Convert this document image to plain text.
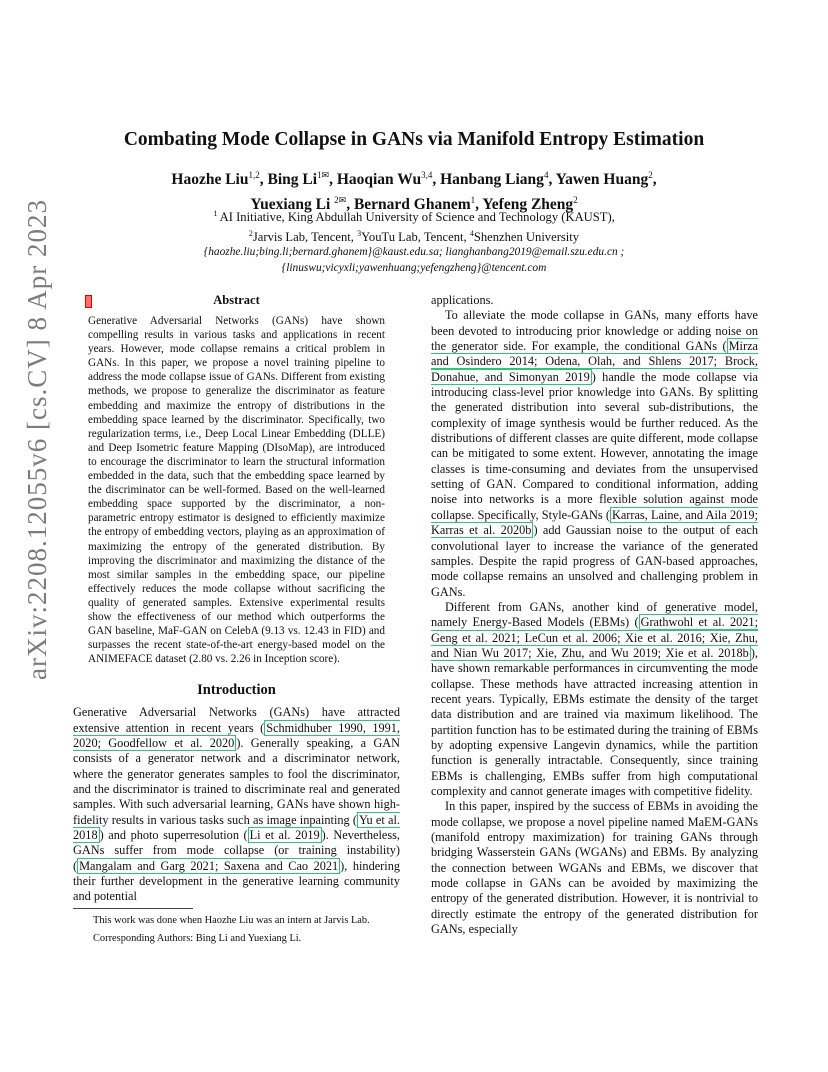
arXiv:2208.12055v6 [cs.CV] 8 Apr 2023
Combating Mode Collapse in GANs via Manifold Entropy Estimation
Haozhe Liu$^{1,2}$, Bing $Li^{1✉}$, Haoqian Wu$^{3,4}$, Hanbang Liang$^4$, Yawen Huang$^2$,
Yuexiang Li $^{2✉}$, Bernard Ghanem$^1$, Yefeng Zheng$^2$
$^1$ AI Initiative, King Abdullah University of Science and Technology (KAUST),
$^2$Jarvis Lab, Tencent, $^3$YouTu Lab, Tencent, $^4$Shenzhen University
{haozhe.liu;bing.li;bernard.ghanem}@kaust.edu.sa; lianghanbang2019@email.szu.edu.cn ;
{linuswu;vicyxli;yawenhuang;yefengzheng}@tencent.com
Abstract
Generative Adversarial Networks (GANs) have shown compelling results in various tasks and applications in recent years. However, mode collapse remains a critical problem in GANs. In this paper, we propose a novel training pipeline to address the mode collapse issue of GANs. Different from existing methods, we propose to generalize the discriminator as feature embedding and maximize the entropy of distributions in the embedding space learned by the discriminator. Specifically, two regularization terms, i.e., Deep Local Linear Embedding (DLLE) and Deep Isometric feature Mapping (DIsoMap), are introduced to encourage the discriminator to learn the structural information embedded in the data, such that the embedding space learned by the discriminator can be well-formed. Based on the well-learned embedding space supported by the discriminator, a non-parametric entropy estimator is designed to efficiently maximize the entropy of embedding vectors, playing as an approximation of maximizing the entropy of the generated distribution. By improving the discriminator and maximizing the distance of the most similar samples in the embedding space, our pipeline effectively reduces the mode collapse without sacrificing the quality of generated samples. Extensive experimental results show the effectiveness of our method which outperforms the GAN baseline, MaF-GAN on CelebA (9.13 vs. 12.43 in FID) and surpasses the recent state-of-the-art energy-based model on the ANIMEFACE dataset (2.80 vs. 2.26 in Inception score).
Introduction

Generative Adversarial Networks (GANs) have attracted extensive attention in recent years ( Schmidhuber 1990, 1991, 2020; Goodfellow et al. 2020 ). Generally speaking, a GAN consists of a generator network and a discriminator network, where the generator generates samples to fool the discriminator, and the discriminator is trained to discriminate real and generated samples. With such adversarial learning, GANs have shown high-fidelity results in various tasks such as image inpainting ( Yu et al. 2018 ) and photo superresolution ( Li et al. 2019 ). Nevertheless, GANs suffer from mode collapse (or training instability) ( Mangalam and Garg 2021; Saxena and Cao 2021 ), hindering their further development in the generative learning community and potential

This work was done when Haozhe Liu was an intern at Jarvis Lab.

Corresponding Authors: Bing Li and Yuexiang Li.

applications.

To alleviate the mode collapse in GANs, many efforts have been devoted to introducing prior knowledge or adding noise on the generator side. For example, the conditional GANs ( Mirza and Osindero 2014; Odena, Olah, and Shlens 2017; Brock, Donahue, and Simonyan 2019 ) handle the mode collapse via introducing class-level prior knowledge into GANs. By splitting the generated distribution into several sub-distributions, the complexity of image synthesis would be further reduced. As the distributions of different classes are quite different, mode collapse can be mitigated to some extent. However, annotating the image classes is time-consuming and deviates from the unsupervised setting of GAN. Compared to conditional information, adding noise into networks is a more flexible solution against mode collapse. Specifically, Style-GANs ( Karras, Laine, and Aila 2019; Karras et al. 2020b ) add Gaussian noise to the output of each convolutional layer to increase the variance of the generated samples. Despite the rapid progress of GAN-based approaches, mode collapse remains an unsolved and challenging problem in GANs.

Different from GANs, another kind of generative model, namely Energy-Based Models (EBMs) ( Grathwohl et al. 2021; Geng et al. 2021; LeCun et al. 2006; Xie et al. 2016; Xie, Zhu, and Nian Wu 2017; Xie, Zhu, and Wu 2019; Xie et al. 2018b ), have shown remarkable performances in circumventing the mode collapse. These methods have attracted increasing attention in recent years. Typically, EBMs estimate the density of the target data distribution and are trained via maximum likelihood. The partition function has to be estimated during the training of EBMs by adopting expensive Langevin dynamics, while the partition function is generally intractable. Consequently, since training EBMs is challenging, EMBs suffer from high computational complexity and cannot generate images with competitive fidelity.

In this paper, inspired by the success of EBMs in avoiding the mode collapse, we propose a novel pipeline named MaEM-GANs (manifold entropy maximization) for training GANs through bridging Wasserstein GANs (WGANs) and EBMs. By analyzing the connection between WGANs and EBMs, we discover that mode collapse in GANs can be avoided by maximizing the entropy of the generated distribution. However, it is nontrivial to directly estimate the entropy of the generated distribution for GANs, especially
